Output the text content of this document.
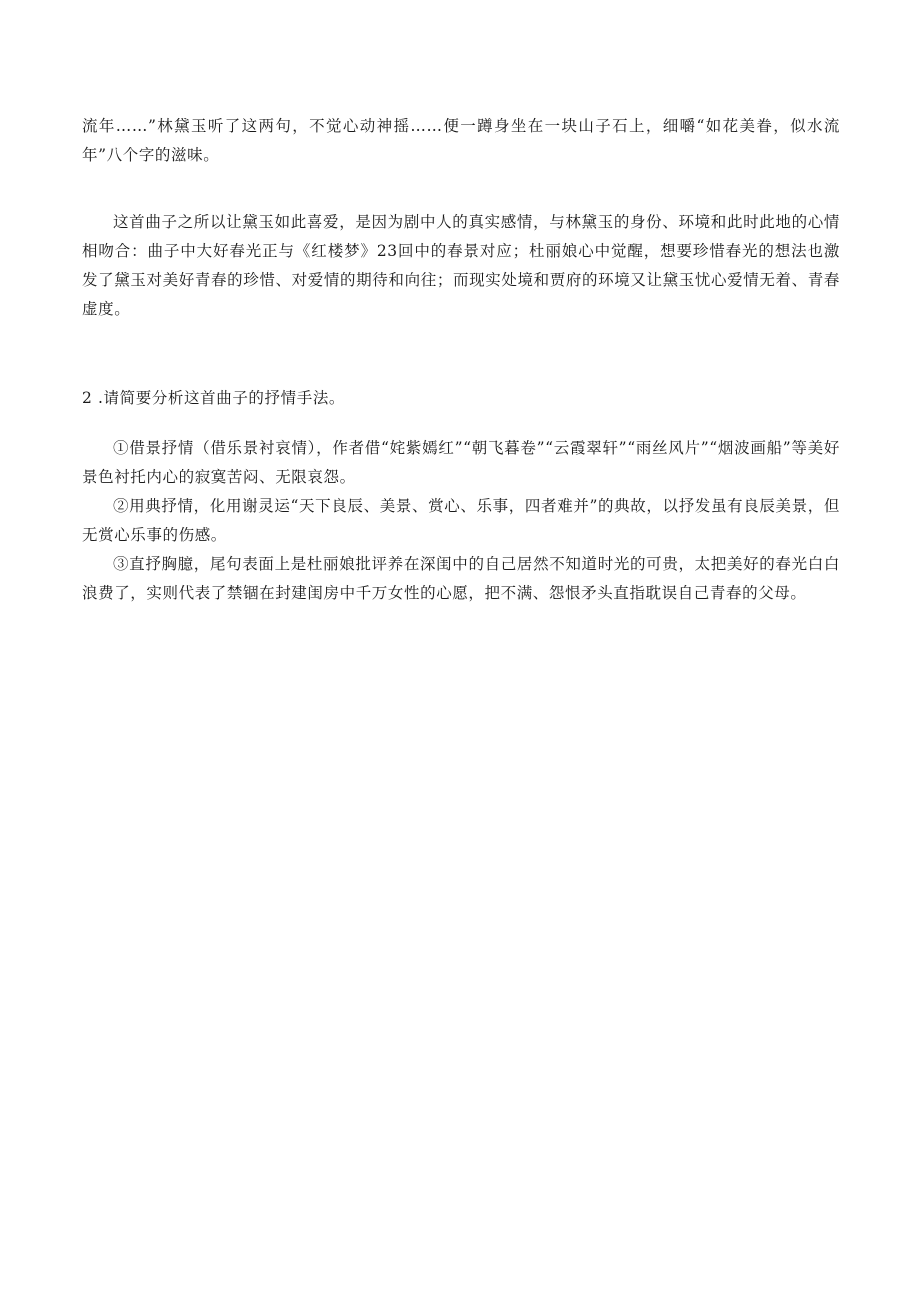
流年……”林黛玉听了这两句，不觉心动神摇……便一蹲身坐在一块山子石上，细嚼“如花美眷，似水流年”八个字的滋味。

这首曲子之所以让黛玉如此喜爱，是因为剧中人的真实感情，与林黛玉的身份、环境和此时此地的心情相吻合：曲子中大好春光正与《红楼梦》23回中的春景对应；杜丽娘心中觉醒，想要珍惜春光的想法也激发了黛玉对美好青春的珍惜、对爱情的期待和向往；而现实处境和贾府的环境又让黛玉忧心爱情无着、青春虚度。

2 .请简要分析这首曲子的抒情手法。

①借景抒情（借乐景衬哀情），作者借“姹紫嫣红”“朝飞暮卷”“云霞翠轩”“雨丝风片”“烟波画船”等美好景色衬托内心的寂寞苦闷、无限哀怨。

②用典抒情，化用谢灵运“天下良辰、美景、赏心、乐事，四者难并”的典故，以抒发虽有良辰美景，但无赏心乐事的伤感。

③直抒胸臆，尾句表面上是杜丽娘批评养在深闺中的自己居然不知道时光的可贵，太把美好的春光白白浪费了，实则代表了禁锢在封建闺房中千万女性的心愿，把不满、怨恨矛头直指耽误自己青春的父母。
